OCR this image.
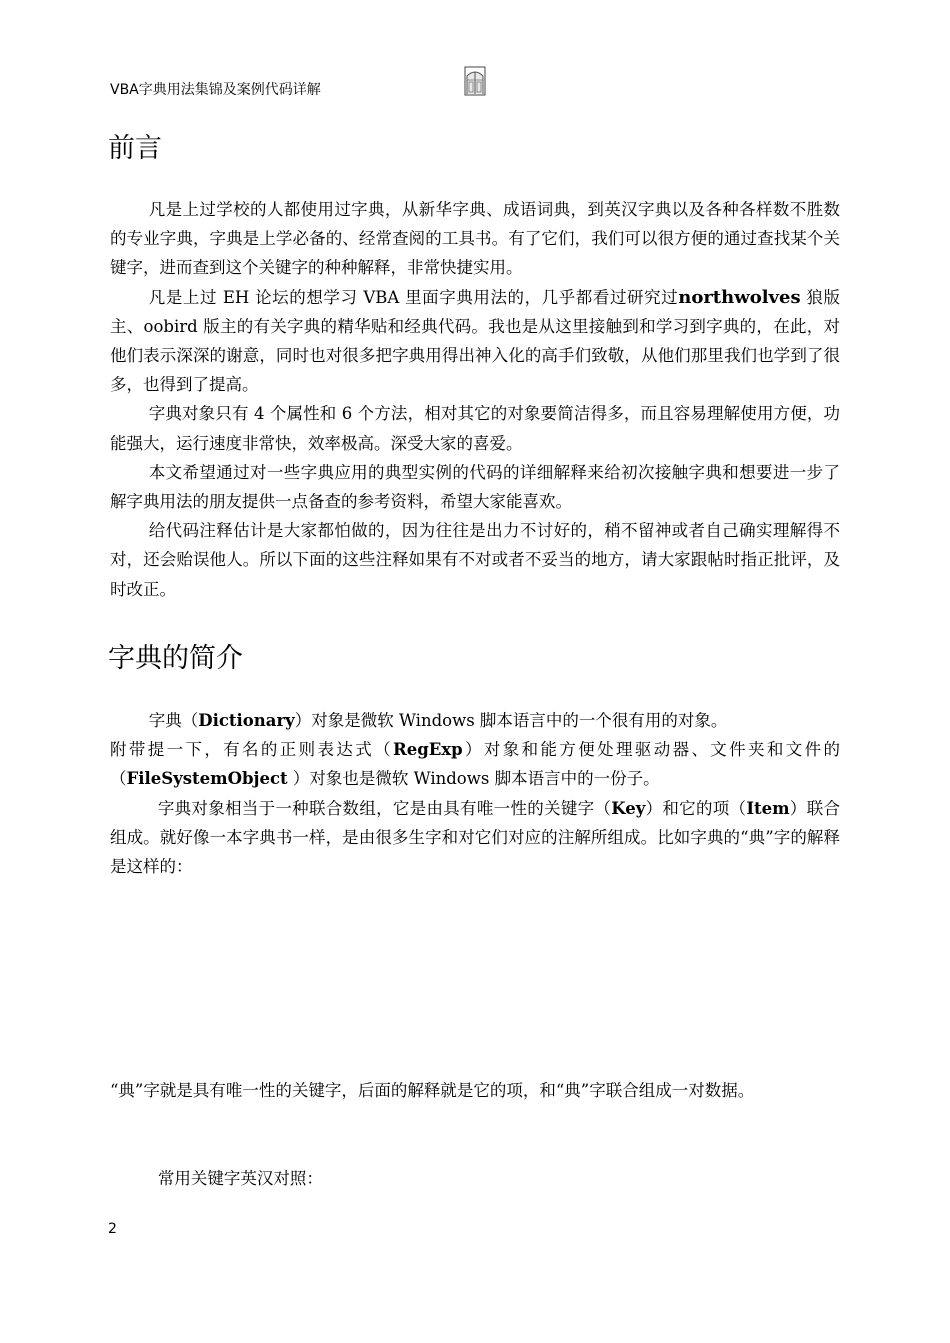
VBA字典用法集锦及案例代码详解
前言

凡是上过学校的人都使用过字典，从新华字典、成语词典，到英汉字典以及各种各样数不胜数的专业字典，字典是上学必备的、经常查阅的工具书。有了它们，我们可以很方便的通过查找某个关键字，进而查到这个关键字的种种解释，非常快捷实用。

凡是上过 EH 论坛的想学习 VBA 里面字典用法的，几乎都看过研究过northwolves 狼版主、oobird 版主的有关字典的精华贴和经典代码。我也是从这里接触到和学习到字典的，在此，对他们表示深深的谢意，同时也对很多把字典用得出神入化的高手们致敬，从他们那里我们也学到了很多，也得到了提高。

字典对象只有 4 个属性和 6 个方法，相对其它的对象要简洁得多，而且容易理解使用方便，功能强大，运行速度非常快，效率极高。深受大家的喜爱。

本文希望通过对一些字典应用的典型实例的代码的详细解释来给初次接触字典和想要进一步了解字典用法的朋友提供一点备查的参考资料，希望大家能喜欢。

给代码注释估计是大家都怕做的，因为往往是出力不讨好的，稍不留神或者自己确实理解得不对，还会贻误他人。所以下面的这些注释如果有不对或者不妥当的地方，请大家跟帖时指正批评，及时改正。

字典的简介

字典（Dictionary）对象是微软 Windows 脚本语言中的一个很有用的对象。

附带提一下，有名的正则表达式（RegExp）对象和能方便处理驱动器、文件夹和文件的（FileSystemObject ）对象也是微软 Windows 脚本语言中的一份子。

字典对象相当于一种联合数组，它是由具有唯一性的关键字（Key）和它的项（Item）联合组成。就好像一本字典书一样，是由很多生字和对它们对应的注解所组成。比如字典的“典”字的解释是这样的：

“典”字就是具有唯一性的关键字，后面的解释就是它的项，和“典”字联合组成一对数据。

常用关键字英汉对照：

2
